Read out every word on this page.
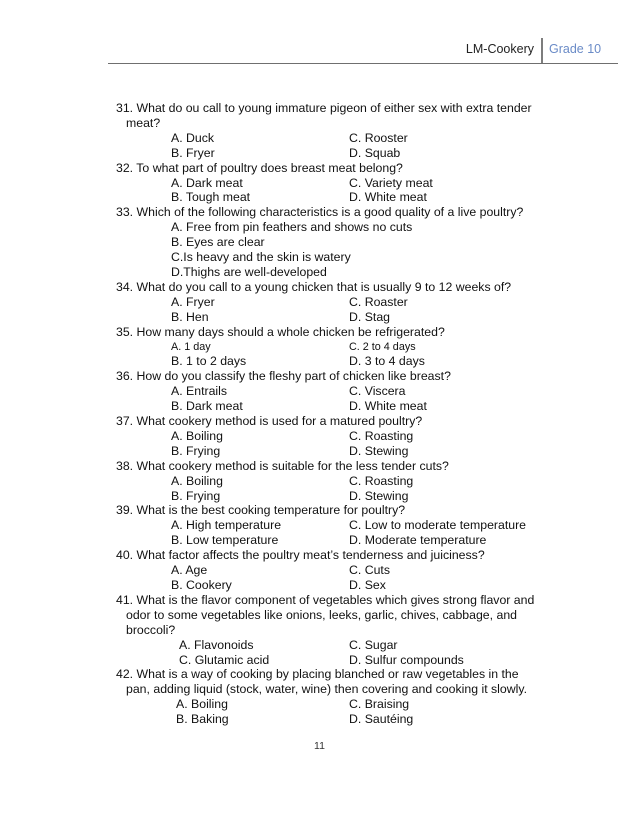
LM-Cookery Grade 10
31. What do ou call to young immature pigeon of either sex with extra tender
meat?
A. Duck	C. Rooster
B. Fryer	D. Squab
32. To what part of poultry does breast meat belong?
A. Dark meat	C. Variety meat
B. Tough meat	D. White meat
33. Which of the following characteristics is a good quality of a live poultry?
A. Free from pin feathers and shows no cuts
B. Eyes are clear
C.Is heavy and the skin is watery
D.Thighs are well-developed
34. What do you call to a young chicken that is usually 9 to 12 weeks of?
A. Fryer	C. Roaster
B. Hen	D. Stag
35. How many days should a whole chicken be refrigerated?
A. 1 day	C. 2 to 4 days
B. 1 to 2 days	D. 3 to 4 days
36. How do you classify the fleshy part of chicken like breast?
A. Entrails	C. Viscera
B. Dark meat	D. White meat
37. What cookery method is used for a matured poultry?
A. Boiling	C. Roasting
B. Frying	D. Stewing
38. What cookery method is suitable for the less tender cuts?
A. Boiling	C. Roasting
B. Frying	D. Stewing
39. What is the best cooking temperature for poultry?
A. High temperature	C. Low to moderate temperature
B. Low temperature	D. Moderate temperature
40. What factor affects the poultry meat’s tenderness and juiciness?
A. Age	C. Cuts
B. Cookery	D. Sex
41. What is the flavor component of vegetables which gives strong flavor and
odor to some vegetables like onions, leeks, garlic, chives, cabbage, and
broccoli?
A. Flavonoids	C. Sugar
C. Glutamic acid	D. Sulfur compounds
42. What is a way of cooking by placing blanched or raw vegetables in the
pan, adding liquid (stock, water, wine) then covering and cooking it slowly.
A. Boiling	C. Braising
B. Baking	D. Sautéing
11
